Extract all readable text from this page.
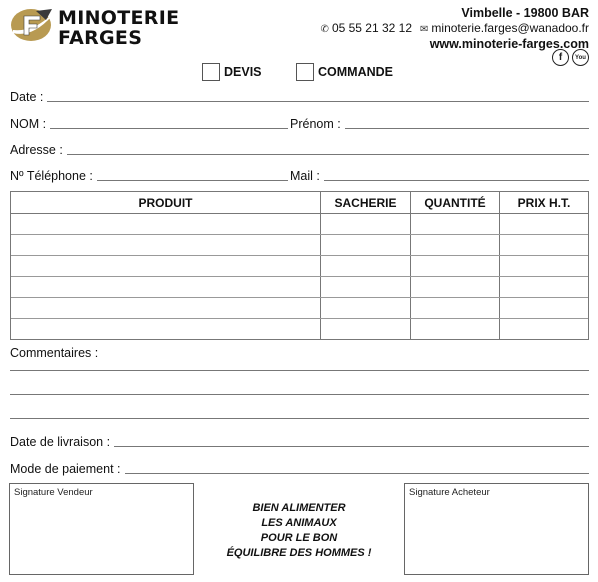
MINOTERIE
FARGES
Vimbelle - 19800 BAR
✆ 05 55 21 32 12 ✉ minoterie.farges@wanadoo.fr
www.minoterie-farges.com
f	You
DEVIS	COMMANDE
Date :
NOM :	Prénom :
Adresse :
Nº Téléphone :	Mail :
PRODUIT	SACHERIE	QUANTITÉ	PRIX H.T.
Commentaires :
Date de livraison :
Mode de paiement :
Signature Vendeur
BIEN ALIMENTER
LES ANIMAUX
POUR LE BON
ÉQUILIBRE DES HOMMES !
Signature Acheteur
